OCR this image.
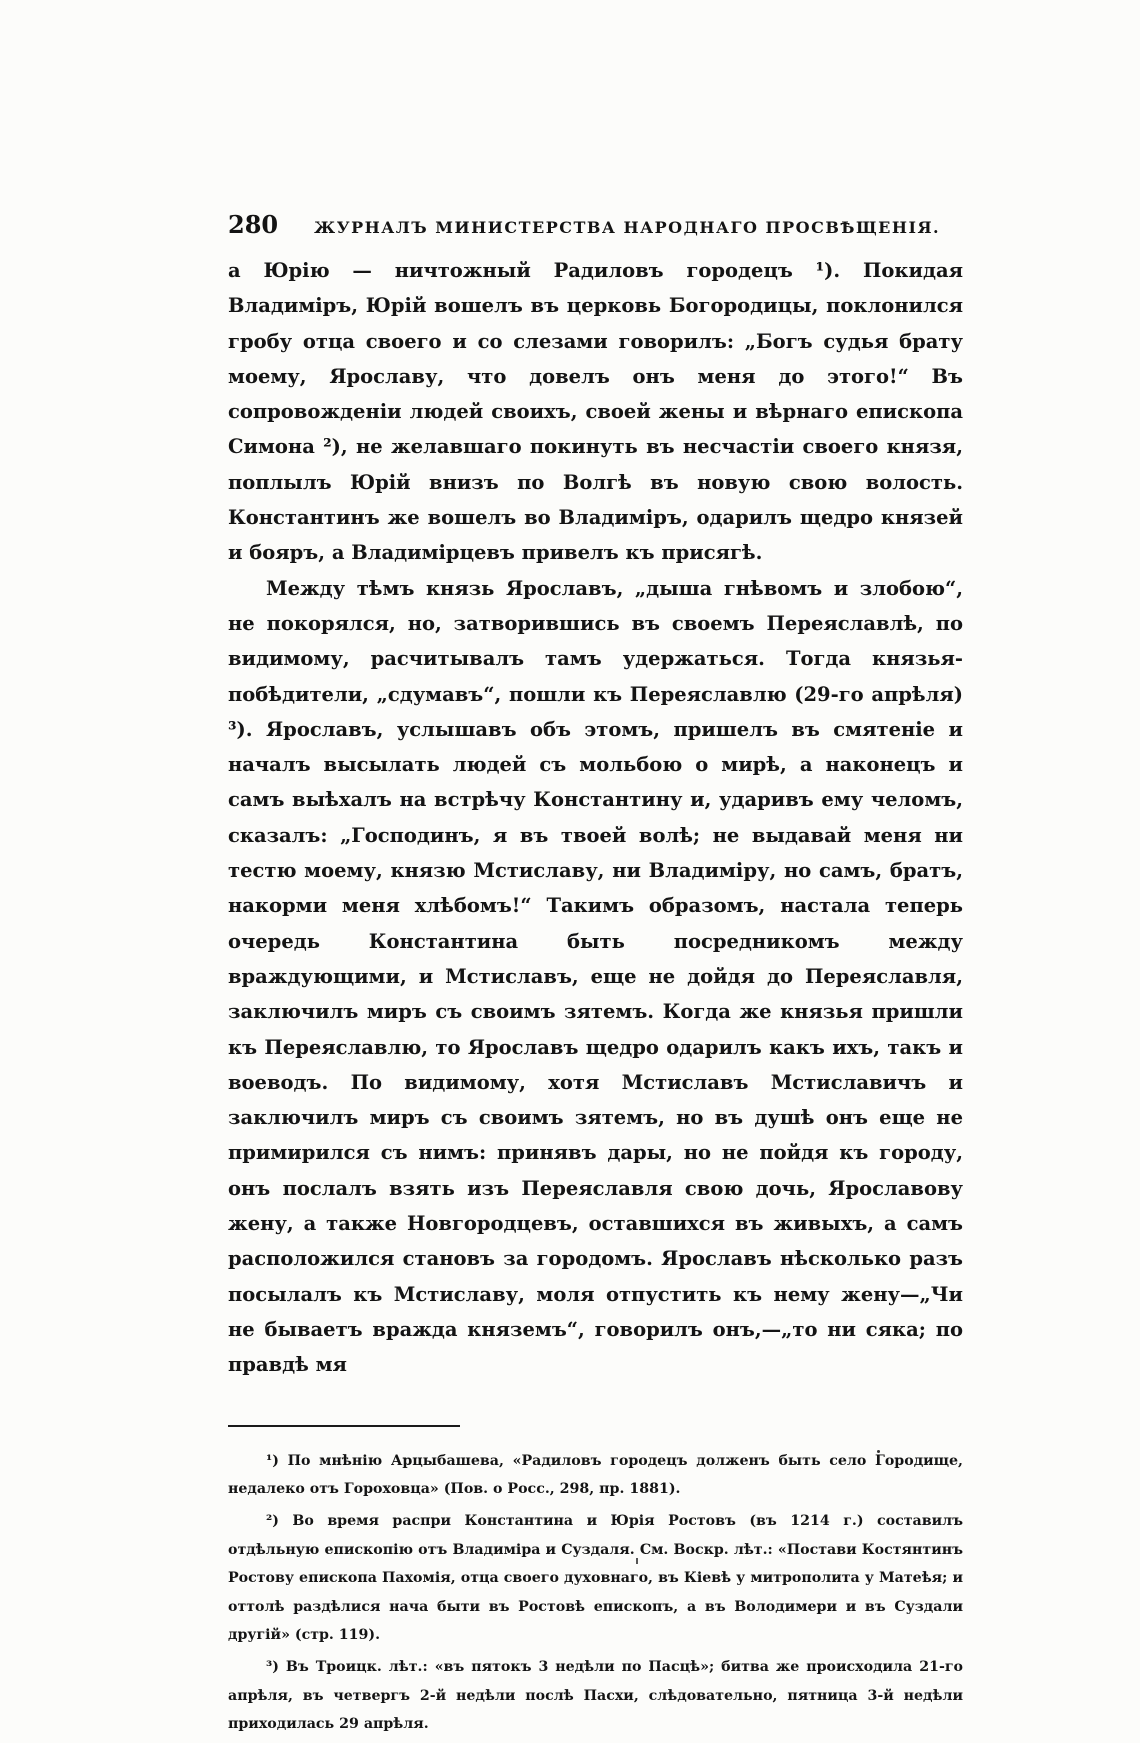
280 ЖУРНАЛЪ МИНИСТЕРСТВА НАРОДНАГО ПРОСВѢЩЕНІЯ.

а Юрію — ничтожный Радиловъ городецъ ¹). Покидая Владиміръ, Юрій вошелъ въ церковь Богородицы, поклонился гробу отца своего и со слезами говорилъ: „Богъ судья брату моему, Ярославу, что довелъ онъ меня до этого!“ Въ сопровожденіи людей своихъ, своей жены и вѣрнаго епископа Симона ²), не желавшаго покинуть въ несчастіи своего князя, поплылъ Юрій внизъ по Волгѣ въ новую свою волость. Константинъ же вошелъ во Владиміръ, одарилъ щедро князей и бояръ, а Владимірцевъ привелъ къ присягѣ.

Между тѣмъ князь Ярославъ, „дыша гнѣвомъ и злобою“, не покорялся, но, затворившись въ своемъ Переяславлѣ, по видимому, расчитывалъ тамъ удержаться. Тогда князья-побѣдители, „сдумавъ“, пошли къ Переяславлю (29-го апрѣля) ³). Ярославъ, услышавъ объ этомъ, пришелъ въ смятеніе и началъ высылать людей съ мольбою о мирѣ, а наконецъ и самъ выѣхалъ на встрѣчу Константину и, ударивъ ему челомъ, сказалъ: „Господинъ, я въ твоей волѣ; не выдавай меня ни тестю моему, князю Мстиславу, ни Владиміру, но самъ, братъ, накорми меня хлѣбомъ!“ Такимъ образомъ, настала теперь очередь Константина быть посредникомъ между враждующими, и Мстиславъ, еще не дойдя до Переяславля, заключилъ миръ съ своимъ зятемъ. Когда же князья пришли къ Переяславлю, то Ярославъ щедро одарилъ какъ ихъ, такъ и воеводъ. По видимому, хотя Мстиславъ Мстиславичъ и заключилъ миръ съ своимъ зятемъ, но въ душѣ онъ еще не примирился съ нимъ: принявъ дары, но не пойдя къ городу, онъ послалъ взять изъ Переяславля свою дочь, Ярославову жену, а также Новгородцевъ, оставшихся въ живыхъ, а самъ расположился становъ за городомъ. Ярославъ нѣсколько разъ посылалъ къ Мстиславу, моля отпустить къ нему жену—„Чи не бываетъ вражда княземъ“, говорилъ онъ,—„то ни сяка; по правдѣ мя

¹) По мнѣнію Арцыбашева, «Радиловъ городецъ долженъ быть село Городище, недалеко отъ Гороховца» (Пов. о Росс., 298, пр. 1881).

²) Во время распри Константина и Юрія Ростовъ (въ 1214 г.) составилъ отдѣльную епископію отъ Владиміра и Суздаля. См. Воскр. лѣт.: «Постави Костянтинъ Ростову епископа Пахомія, отца своего духовнаго, въ Кіевѣ у митрополита у Матеѣя; и оттолѣ раздѣлися нача быти въ Ростовѣ епископъ, а въ Володимери и въ Суздали другій» (стр. 119).

³) Въ Троицк. лѣт.: «въ пятокъ 3 недѣли по Пасцѣ»; битва же происходила 21-го апрѣля, въ четвергъ 2-й недѣли послѣ Пасхи, слѣдовательно, пятница 3-й недѣли приходилась 29 апрѣля.
